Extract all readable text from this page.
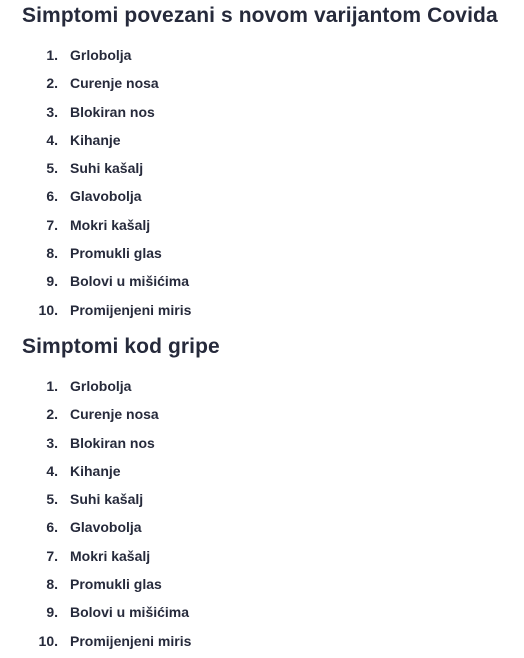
Simptomi povezani s novom varijantom Covida
1. Grlobolja
2. Curenje nosa
3. Blokiran nos
4. Kihanje
5. Suhi kašalj
6. Glavobolja
7. Mokri kašalj
8. Promukli glas
9. Bolovi u mišićima
10. Promijenjeni miris
Simptomi kod gripe
1. Grlobolja
2. Curenje nosa
3. Blokiran nos
4. Kihanje
5. Suhi kašalj
6. Glavobolja
7. Mokri kašalj
8. Promukli glas
9. Bolovi u mišićima
10. Promijenjeni miris
